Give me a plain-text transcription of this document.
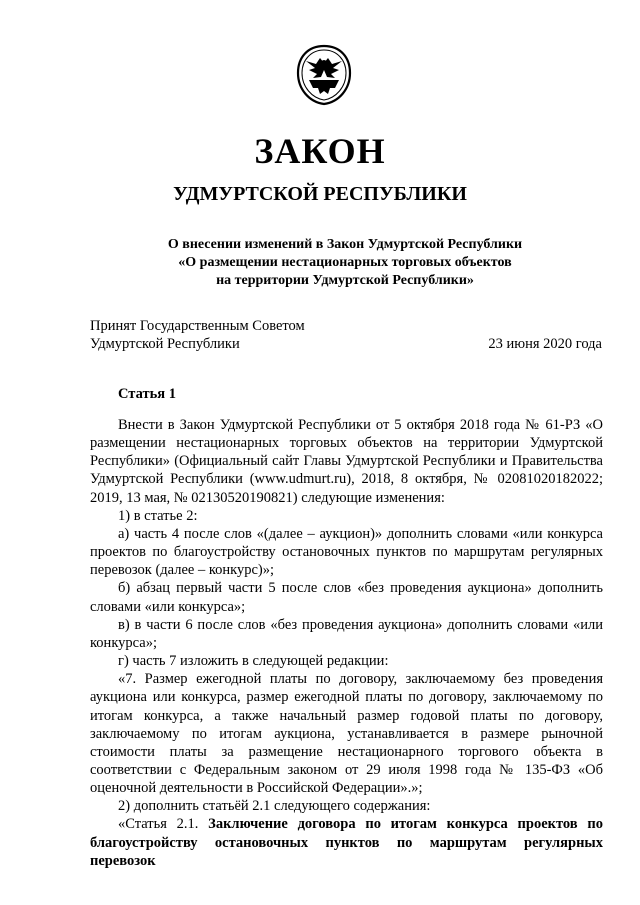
ЗАКОН
УДМУРТСКОЙ РЕСПУБЛИКИ
О внесении изменений в Закон Удмуртской Республики
«О размещении нестационарных торговых объектов
на территории Удмуртской Республики»
Принят Государственным Советом
Удмуртской Республики	23 июня 2020 года
Статья 1

Внести в Закон Удмуртской Республики от 5 октября 2018 года № 61-РЗ «О размещении нестационарных торговых объектов на территории Удмуртской Республики» (Официальный сайт Главы Удмуртской Республики и Правительства Удмуртской Республики (www.udmurt.ru), 2018, 8 октября, № 02081020182022; 2019, 13 мая, № 02130520190821) следующие изменения:

1) в статье 2:

а) часть 4 после слов «(далее – аукцион)» дополнить словами «или конкурса проектов по благоустройству остановочных пунктов по маршрутам регулярных перевозок (далее – конкурс)»;

б) абзац первый части 5 после слов «без проведения аукциона» дополнить словами «или конкурса»;

в) в части 6 после слов «без проведения аукциона» дополнить словами «или конкурса»;

г) часть 7 изложить в следующей редакции:

«7. Размер ежегодной платы по договору, заключаемому без проведения аукциона или конкурса, размер ежегодной платы по договору, заключаемому по итогам конкурса, а также начальный размер годовой платы по договору, заключаемому по итогам аукциона, устанавливается в размере рыночной стоимости платы за размещение нестационарного торгового объекта в соответствии с Федеральным законом от 29 июля 1998 года № 135-ФЗ «Об оценочной деятельности в Российской Федерации».»;

2) дополнить статьёй 2.1 следующего содержания:

«Статья 2.1. Заключение договора по итогам конкурса проектов по благоустройству остановочных пунктов по маршрутам регулярных перевозок
